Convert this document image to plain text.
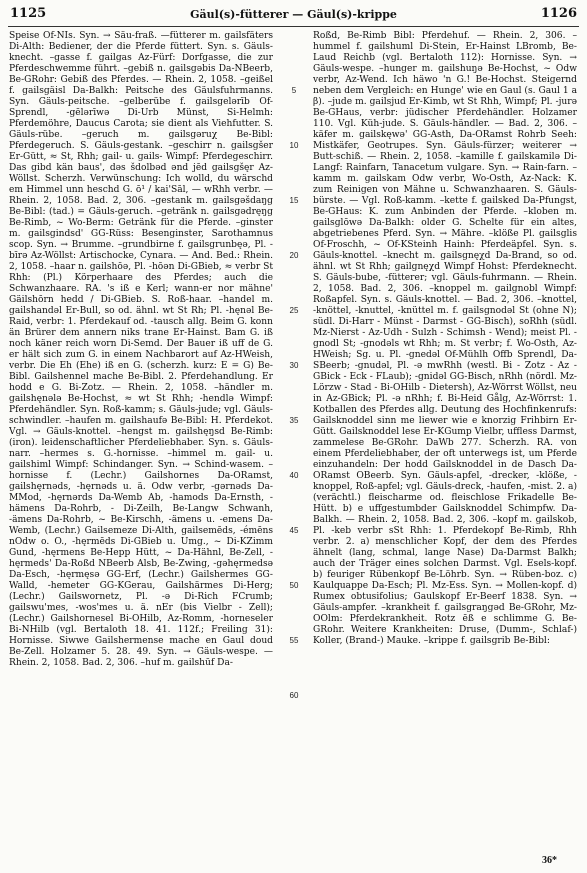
1125	Gäul(s)-fütterer — Gäul(s)-krippe	1126

Speise Of-NIs. Syn. → Säu-fraß. —fütterer m. gailsfäters Di-Alth: Bediener, der die Pferde füttert. Syn. s. Gäuls-knecht. –gasse f. gailgas Az-Fürf: Dorfgasse, die zur Pferdeschwemme führt. –gebiß n. gailsgəbis Da-NBeerb, Be-GRohr: Gebiß des Pferdes. — Rhein. 2, 1058. –geißel f. gailsgäisl Da-Balkh: Peitsche des Gäulsfuhrmanns. Syn. Gäuls-peitsche. –gelberübe f. gailsgelərīb Of-Sprendl, -gēlərīwə Di-Urb Münst, Si-Helmh: Pferdemöhre, Daucus Carota; sie dient als Viehfutter. S. Gäuls-rübe. –geruch m. gailsgəruχ Be-Bibl: Pferdegeruch. S. Gäuls-gestank. –geschirr n. gailsgšer Er-Gütt, ≈ St, Rhh; gail- u. gails- Wimpf: Pferdegeschirr. Das gibd kän baus', dəs šdolbəd ənd jēd gailsgšęr Az-Wöllst. Scherzh. Verwünschung: Ich wolld, du wärschd em Himmel unn heschd G. ō¹ / kai'Sāl, — wRhh verbr. — Rhein. 2, 1058. Bad. 2, 306. –gestank m. gailsgəšdaŋg Be-Bibl: (tad.) = Gäuls-geruch. –getränk n. gailsgədręŋg Be-Rimb, ~ Wo-Berm: Getränk für die Pferde. –ginster m. gailsgindsd' GG-Rüss: Besenginster, Sarothamnus scop. Syn. → Brumme. –grundbirne f. gailsgrunbęə, Pl. -bīrə Az-Wöllst: Artischocke, Cynara. — And. Bed.: Rhein. 2, 1058. –haar n. gailshōə, Pl. -hōən Di-GBieb, ≈ verbr St Rhh: (Pl.) Körperhaare des Pferdes; auch die Schwanzhaare. RA. 's iß e Kerl; wann-er nor mähne' Gäilshōrn hedd / Di-GBieb. S. Roß-haar. –handel m. gailshandəl Er-Bull, so od. ähnl. wt St Rh; Pl. -hęnəl Be-Raid, verbr: 1. Pferdekauf od. -tausch allg. Beim G. konn än Brürer dem annern niks trane Er-Hainst. Bam G. iß noch käner reich worn Di-Semd. Der Bauer iß uff de G. er hält sich zum G. in einem Nachbarort auf Az-HWeish, verbr. Die Eh (Ehe) iß en G. (scherzh. kurz: E = G) Be-Bibl. Gailshennel mache Be-Bibl. 2. Pferdehandlung. Er hodd e G. Bi-Zotz. — Rhein. 2, 1058. –händler m. gailshęnələ Be-Hochst, ≈ wt St Rhh; -hendlə Wimpf: Pferdehändler. Syn. Roß-kamm; s. Gäuls-jude; vgl. Gäuls-schwindler. –haufen m. gailshaufə Be-Bibl: H. Pferdekot. Vgl. → Gäuls-knottel. –hengst m. gailshęŋsd Be-Rimb: (iron). leidenschaftlicher Pferdeliebhaber. Syn. s. Gäuls-narr. –hermes s. G.-hornisse. –himmel m. gail- u. gailshiml Wimpf: Schindanger. Syn. → Schind-wasem. –hornisse f. (Lechr.) Gailshornes Da-ORamst, gailshęrnəds, -hęrnəds u. ä. Odw verbr, -gərnəds Da-MMod, -hęrnərds Da-Wemb Ab, -hamods Da-Ernsth, -hämens Da-Rohrb, - Di-Zeilh, Be-Langw Schwanh, -ämens Da-Rohrb, ~ Be-Kirschh, -ämens u. -emens Da-Wemb, (Lechr.) Gailsemeze Di-Alth, gailsemēds, -émēns nOdw o. O., -hęrmēds Di-GBieb u. Umg., ~ Di-KZimm Gund, -hęrmens Be-Hepp Hütt, ~ Da-Hähnl, Be-Zell, -hęrmeds' Da-Roßd NBeerb Alsb, Be-Zwing, -gəhęrmedsə Da-Esch, -hęrmęsə GG-Erf, (Lechr.) Gailshermes GG-Walld, -hemeter GG-KGerau, Gailshärmes Di-Herg; (Lechr.) Gailswornetz, Pl. -ə Di-Rich FCrumb; gailswu'mes, -wos'mes u. ä. nEr (bis Vielbr - Zell); (Lechr.) Gailshornesel Bi-OHilb, Az-Romm, -horneseler Bi-NHilb (vgl. Bertaloth 18. 41. 112f.; Freiling 31): Hornisse. Siwwe Gailshermense mache en Gaul doud Be-Zell. Holzamer 5. 28. 49. Syn. → Gäuls-wespe. — Rhein. 2, 1058. Bad. 2, 306. –huf m. gailshūf Da-

Roßd, Be-Rimb Bibl: Pferdehuf. — Rhein. 2, 306. –hummel f. gailshuml Di-Stein, Er-Hainst LBromb, Be-Laud Reichb (vgl. Bertaloth 112): Hornisse. Syn. → Gäuls-wespe. –hunger m. gailshuŋə Be-Hochst, ~ Odw verbr, Az-Wend. Ich häwo 'n G.! Be-Hochst. Steigernd neben dem Vergleich: en Hunge' wie en Gaul (s. Gaul 1 a β). –jude m. gailsjud Er-Kimb, wt St Rhh, Wimpf; Pl. -jurə Be-GHaus, verbr: jüdischer Pferdehändler. Holzamer 110. Vgl. Küh-jude. S. Gäuls-händler. — Bad. 2, 306. –käfer m. gailskęwə' GG-Asth, Da-ORamst Rohrb Seeh: Mistkäfer, Geotrupes. Syn. Gäuls-fürzer; weiterer → Butt-schiß. — Rhein. 2, 1058. –kamille f. gailskamilə Di-Langf: Rainfarn, Tanacetum vulgare. Syn. → Rain-farn. –kamm m. gailskam Odw verbr, Wo-Osth, Az-Nack: K. zum Reinigen von Mähne u. Schwanzhaaren. S. Gäuls-bürste. — Vgl. Roß-kamm. –kette f. gailsked Da-Pfungst, Be-GHaus: K. zum Anbinden der Pferde. –kloben m. gailsglōwə Da-Balkh: older G. Schelte für ein altes, abgetriebenes Pferd. Syn. → Mähre. –klöße Pl. gailsglis Of-Froschh, ~ Of-KSteinh Hainh: Pferdeäpfel. Syn. s. Gäuls-knottel. –knecht m. gailsgnęχd Da-Brand, so od. ähnl. wt St Rhh; gailgnęχd Wimpf Hohst: Pferdeknecht. S. Gäuls-bube, -fütterer; vgl. Gäuls-fuhrmann. — Rhein. 2, 1058. Bad. 2, 306. –knoppel m. gailgnobl Wimpf: Roßapfel. Syn. s. Gäuls-knottel. — Bad. 2, 306. –knottel, -knöttel, -knuttel, -knüttel m. f. gailsgnodəl St (ohne N); südl. Di-Harr - Münst - Darmst - GG-Bisch), soRhh (südl. Mz-Nierst - Az-Udh - Sulzh - Schimsh - Wend); meist Pl. -gnodl St; -gnodəls wt Rhh; m. St verbr; f. Wo-Osth, Az-HWeish; Sg. u. Pl. -gnedəl Of-Mühlh Offb Sprendl, Da-SBeerb; -gnudəl, Pl. -ə mwRhh (westl. Bi - Zotz - Az - GBick - Eck - FLaub); -gnidəl GG-Bisch, nRhh (nördl. Mz-Lörzw - Stad - Bi-OHilb - Dietersh), Az-Wörrst Wöllst, neu in Az-GBick; Pl. -ə nRhh; f. Bi-Heid Gålg, Az-Wörrst: 1. Kotballen des Pferdes allg. Deutung des Hochfinkenrufs: Gailsknoddel sinn me liewer wie e knorzig Frihbirn Er-Gütt. Gailsknoddel lese Er-KGump Vielbr, uffless Darmst, zammelese Be-GRohr. DaWb 277. Scherzh. RA. von einem Pferdeliebhaber, der oft unterwegs ist, um Pferde einzuhandeln: Der hodd Gailsknoddel in de Dasch Da-ORamst OBeerb. Syn. Gäuls-apfel, -drecker, -klöße, -knoppel, Roß-apfel; vgl. Gäuls-dreck, -haufen, -mist. 2. a) (verächtl.) fleischarme od. fleischlose Frikadelle Be-Hütt. b) e uffgestumbder Gailsknoddel Schimpfw. Da-Balkh. — Rhein. 2, 1058. Bad. 2, 306. –kopf m. gailskob, Pl. -keb verbr sSt Rhh: 1. Pferdekopf Be-Rimb, Rhh verbr. 2. a) menschlicher Kopf, der dem des Pferdes ähnelt (lang, schmal, lange Nase) Da-Darmst Balkh; auch der Träger eines solchen Darmst. Vgl. Esels-kopf. b) feuriger Rübenkopf Be-Löhrb. Syn. → Rüben-boz. c) Kaulquappe Da-Esch; Pl. Mz-Ess. Syn. → Mollen-kopf. d) Rumex obtusifolius; Gaulskopf Er-Beerf 1838. Syn. → Gäuls-ampfer. –krankheit f. gailsgraŋgəd Be-GRohr, Mz-OOlm: Pferdekrankheit. Rotz ēß e schlimme G. Be-GRohr. Weitere Krankheiten: Druse, (Dumm-, Schlaf-) Koller, (Brand-) Mauke. –krippe f. gailsgrib Be-Bibl:

5
10
15
20
25
30
35
40
45
50
55
60
36*
